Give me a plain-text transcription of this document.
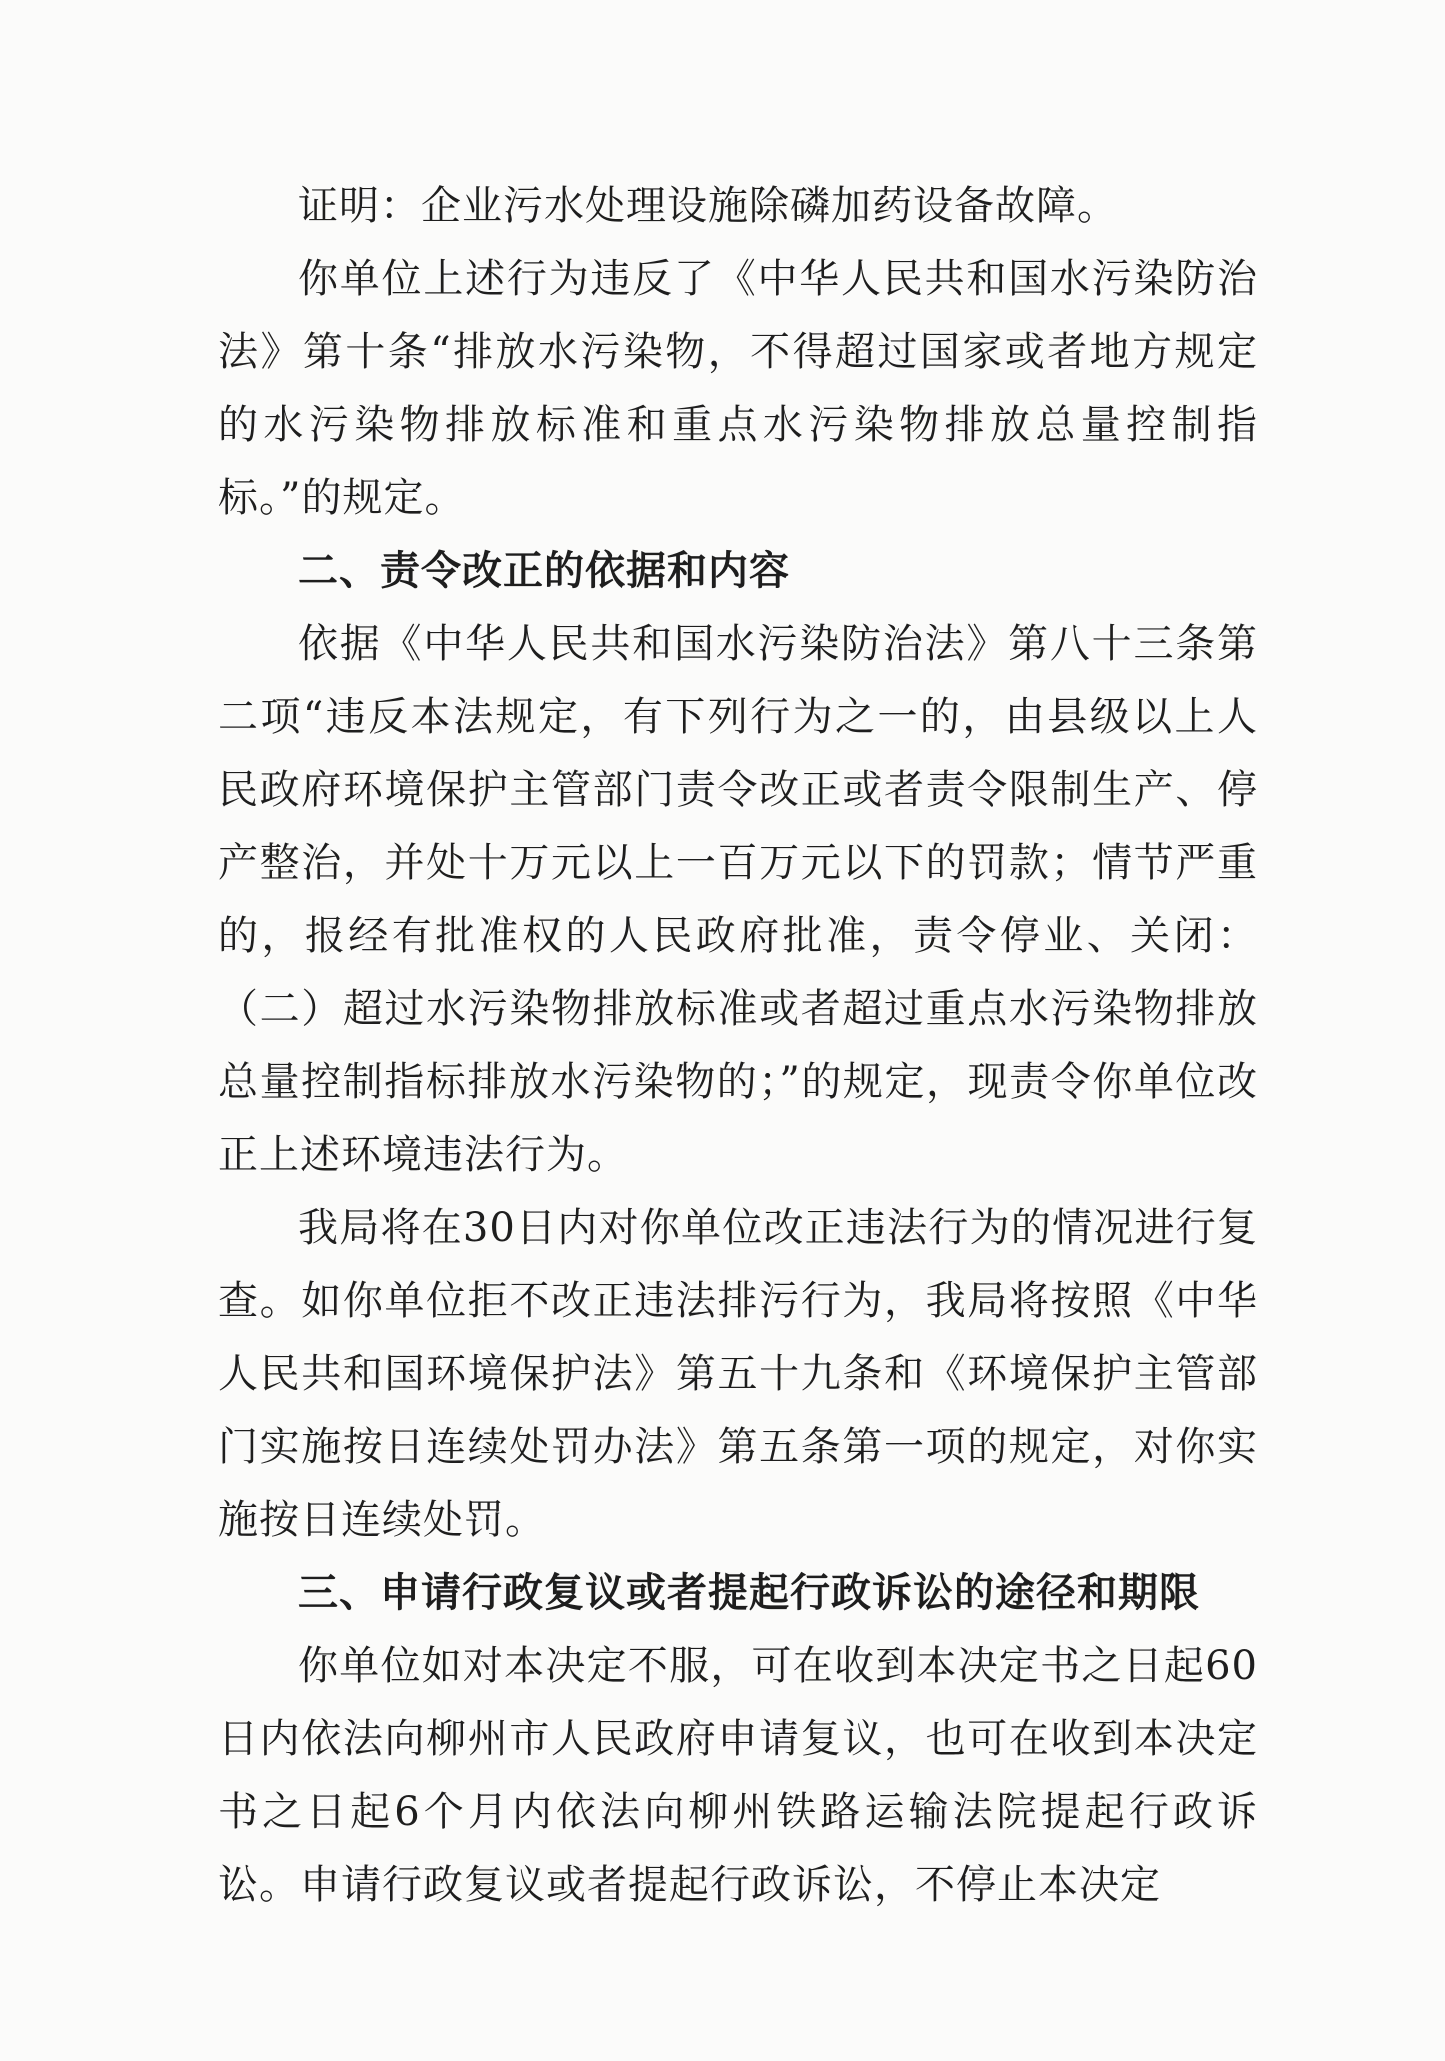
证明：企业污水处理设施除磷加药设备故障。

你单位上述行为违反了《中华人民共和国水污染防治法》第十条“排放水污染物，不得超过国家或者地方规定的水污染物排放标准和重点水污染物排放总量控制指标。”的规定。

二、责令改正的依据和内容

依据《中华人民共和国水污染防治法》第八十三条第二项“违反本法规定，有下列行为之一的，由县级以上人民政府环境保护主管部门责令改正或者责令限制生产、停产整治，并处十万元以上一百万元以下的罚款；情节严重的，报经有批准权的人民政府批准，责令停业、关闭：（二）超过水污染物排放标准或者超过重点水污染物排放总量控制指标排放水污染物的；”的规定，现责令你单位改正上述环境违法行为。

我局将在30日内对你单位改正违法行为的情况进行复查。如你单位拒不改正违法排污行为，我局将按照《中华人民共和国环境保护法》第五十九条和《环境保护主管部门实施按日连续处罚办法》第五条第一项的规定，对你实施按日连续处罚。

三、申请行政复议或者提起行政诉讼的途径和期限

你单位如对本决定不服，可在收到本决定书之日起60日内依法向柳州市人民政府申请复议，也可在收到本决定书之日起6个月内依法向柳州铁路运输法院提起行政诉讼。申请行政复议或者提起行政诉讼，不停止本决定
